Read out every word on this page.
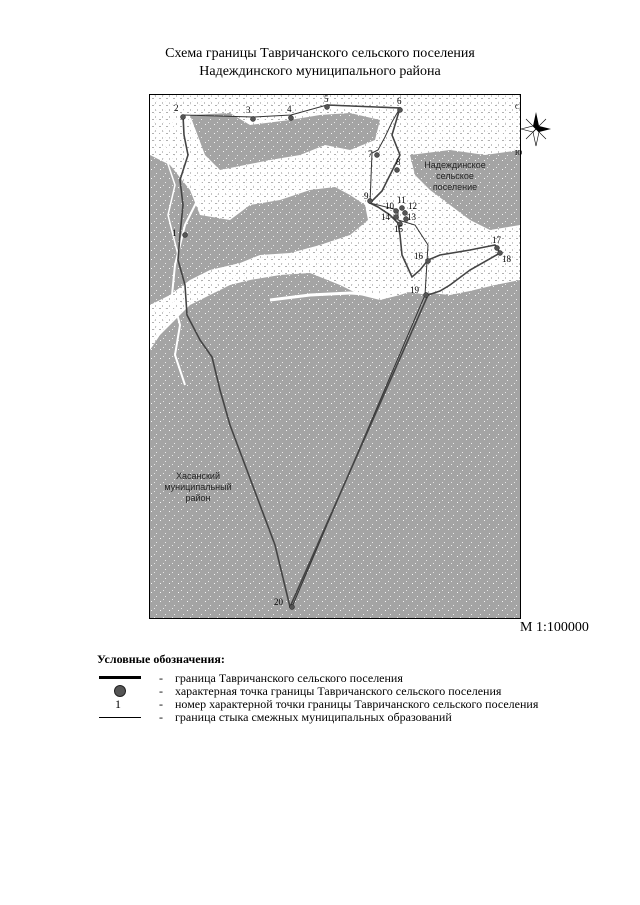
Схема границы Тавричанского сельского поселения
Надеждинского муниципального района
1
2	3	4
5	6
7
8
9
10
11
12
13
14
15
16
17
18
19
20
Надеждинское
сельское
поселение
Хасанский
муниципальный
район
С
Ю
М 1:100000
Условные обозначения:
- граница Тавричанского сельского поселения
- характерная точка границы Тавричанского сельского поселения
1	- номер характерной точки границы Тавричанского сельского поселения
- граница стыка смежных муниципальных образований
